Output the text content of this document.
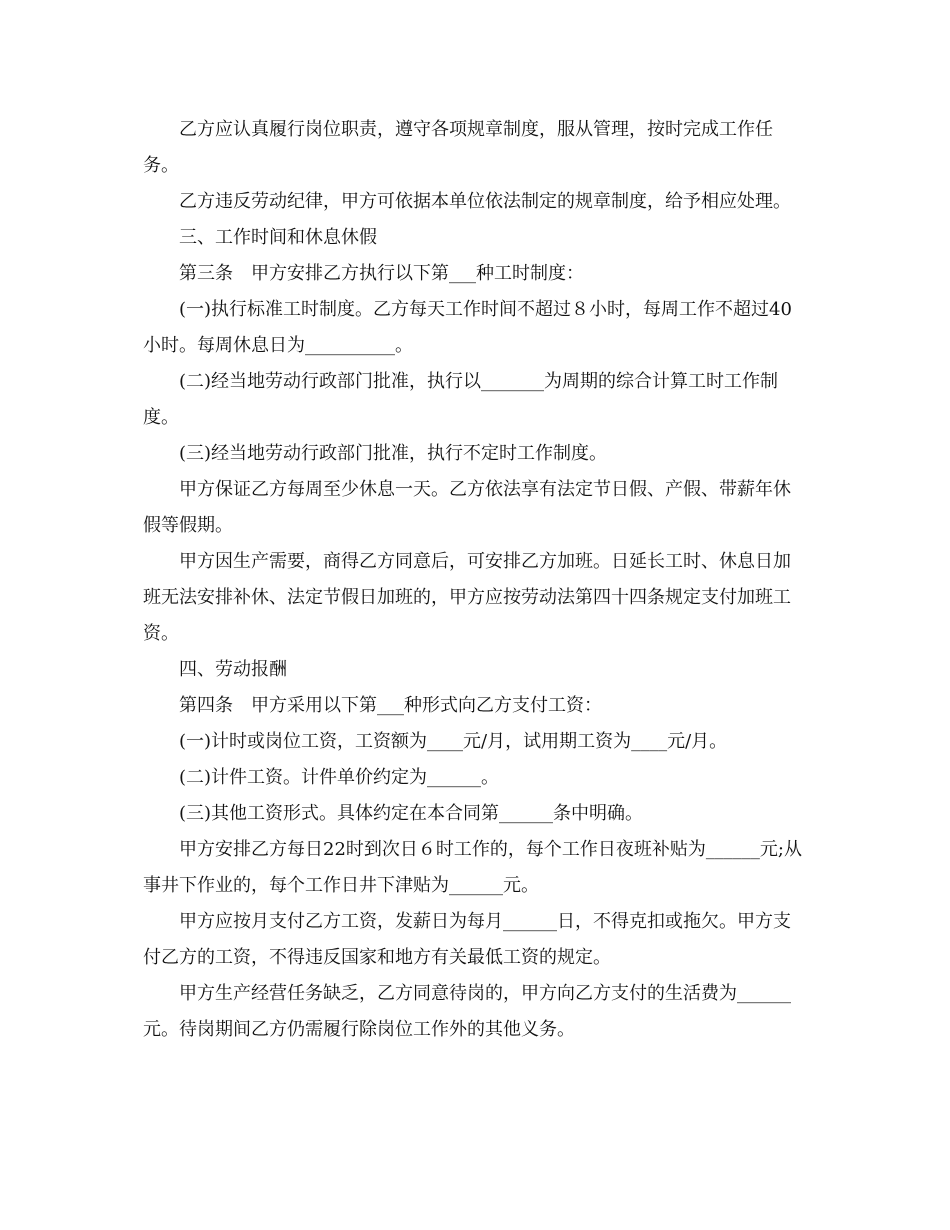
乙方应认真履行岗位职责，遵守各项规章制度，服从管理，按时完成工作任务。

乙方违反劳动纪律，甲方可依据本单位依法制定的规章制度，给予相应处理。

三、工作时间和休息休假

第三条　甲方安排乙方执行以下第___种工时制度：

(一)执行标准工时制度。乙方每天工作时间不超过８小时，每周工作不超过40小时。每周休息日为__________。

(二)经当地劳动行政部门批准，执行以_______为周期的综合计算工时工作制度。

(三)经当地劳动行政部门批准，执行不定时工作制度。

甲方保证乙方每周至少休息一天。乙方依法享有法定节日假、产假、带薪年休假等假期。

甲方因生产需要，商得乙方同意后，可安排乙方加班。日延长工时、休息日加班无法安排补休、法定节假日加班的，甲方应按劳动法第四十四条规定支付加班工资。

四、劳动报酬

第四条　甲方采用以下第___种形式向乙方支付工资：

(一)计时或岗位工资，工资额为____元/月，试用期工资为____元/月。

(二)计件工资。计件单价约定为______。

(三)其他工资形式。具体约定在本合同第______条中明确。

甲方安排乙方每日22时到次日６时工作的，每个工作日夜班补贴为______元;从事井下作业的，每个工作日井下津贴为______元。

甲方应按月支付乙方工资，发薪日为每月______日，不得克扣或拖欠。甲方支付乙方的工资，不得违反国家和地方有关最低工资的规定。

甲方生产经营任务缺乏，乙方同意待岗的，甲方向乙方支付的生活费为______元。待岗期间乙方仍需履行除岗位工作外的其他义务。
